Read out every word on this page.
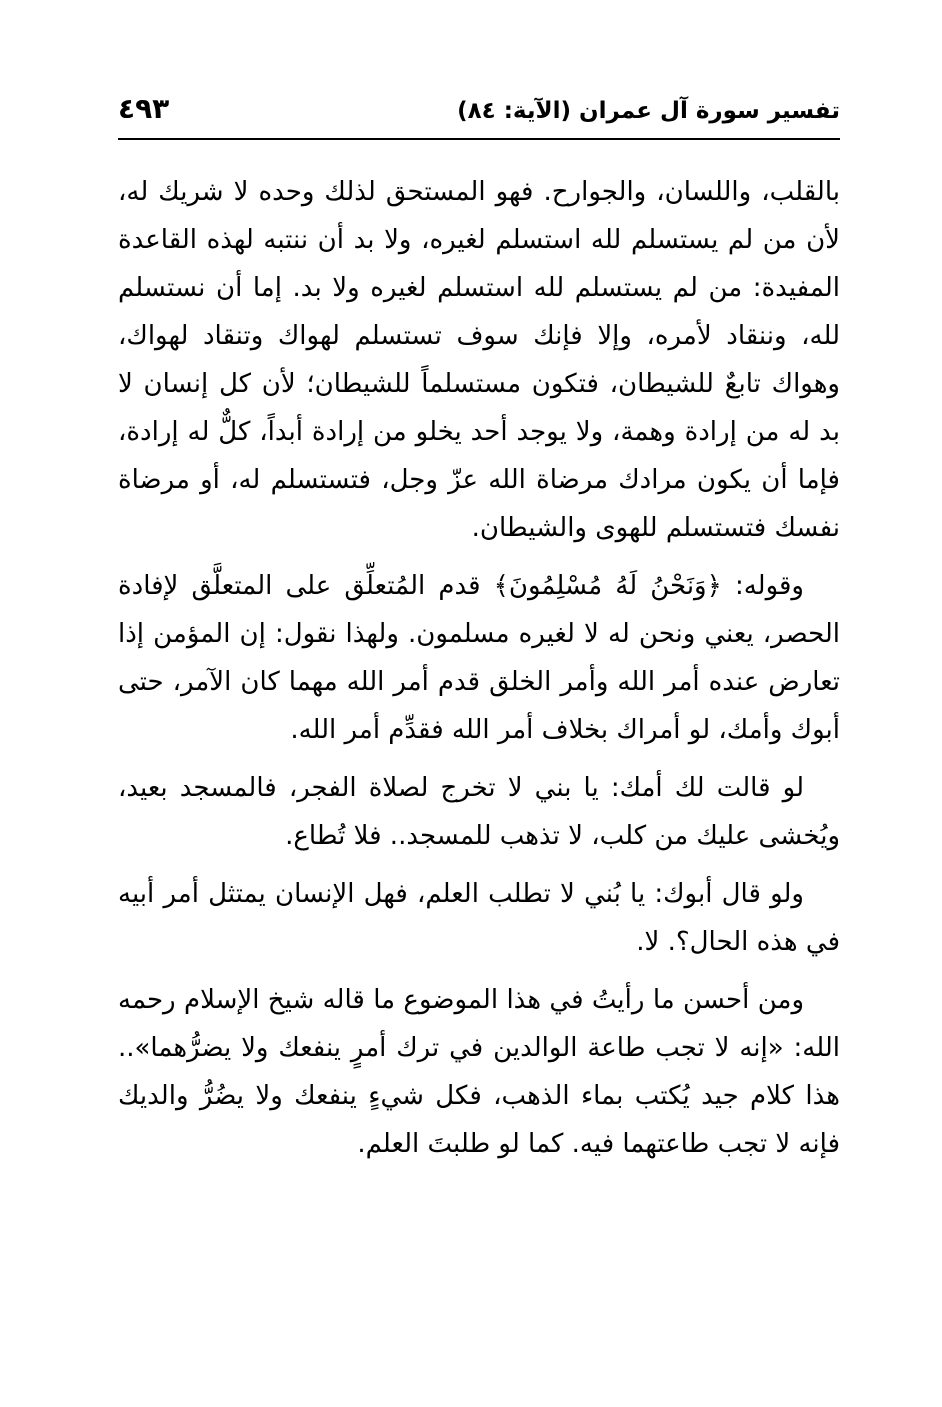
تفسير سورة آل عمران (الآية: ٨٤)
٤٩٣

بالقلب، واللسان، والجوارح. فهو المستحق لذلك وحده لا شريك له، لأن من لم يستسلم لله استسلم لغيره، ولا بد أن ننتبه لهذه القاعدة المفيدة: من لم يستسلم لله استسلم لغيره ولا بد. إما أن نستسلم لله، وننقاد لأمره، وإلا فإنك سوف تستسلم لهواك وتنقاد لهواك، وهواك تابعٌ للشيطان، فتكون مستسلماً للشيطان؛ لأن كل إنسان لا بد له من إرادة وهمة، ولا يوجد أحد يخلو من إرادة أبداً، كلٌّ له إرادة، فإما أن يكون مرادك مرضاة الله عزّ وجل، فتستسلم له، أو مرضاة نفسك فتستسلم للهوى والشيطان.

وقوله: ﴿وَنَحْنُ لَهُ مُسْلِمُونَ﴾ قدم المُتعلِّق على المتعلَّق لإفادة الحصر، يعني ونحن له لا لغيره مسلمون. ولهذا نقول: إن المؤمن إذا تعارض عنده أمر الله وأمر الخلق قدم أمر الله مهما كان الآمر، حتى أبوك وأمك، لو أمراك بخلاف أمر الله فقدِّم أمر الله.

لو قالت لك أمك: يا بني لا تخرج لصلاة الفجر، فالمسجد بعيد، ويُخشى عليك من كلب، لا تذهب للمسجد.. فلا تُطاع.

ولو قال أبوك: يا بُني لا تطلب العلم، فهل الإنسان يمتثل أمر أبيه في هذه الحال؟. لا.

ومن أحسن ما رأيتُ في هذا الموضوع ما قاله شيخ الإسلام رحمه الله: «إنه لا تجب طاعة الوالدين في ترك أمرٍ ينفعك ولا يضرُّهما».. هذا كلام جيد يُكتب بماء الذهب، فكل شيءٍ ينفعك ولا يضُرُّ والديك فإنه لا تجب طاعتهما فيه. كما لو طلبتَ العلم.
